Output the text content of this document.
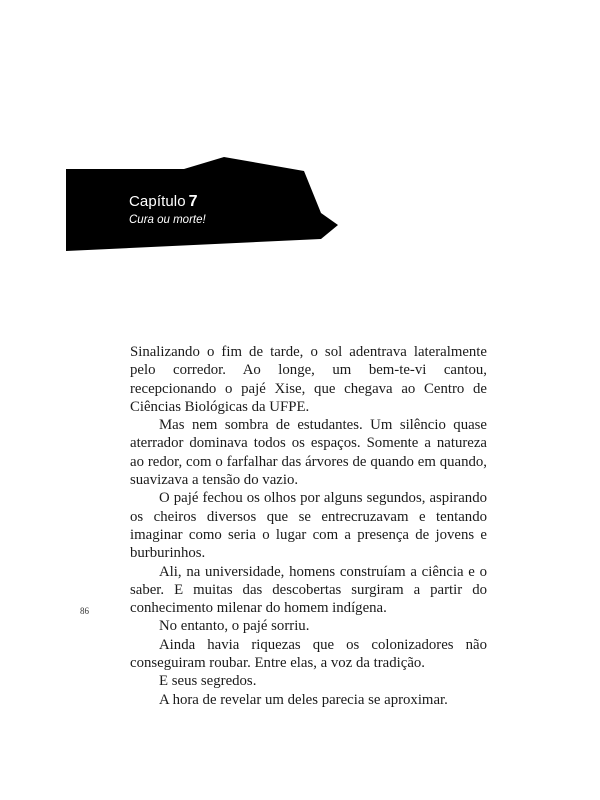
Capítulo 7

Cura ou morte!

Sinalizando o fim de tarde, o sol adentrava lateralmente pelo corredor. Ao longe, um bem-te-vi cantou, recepcionando o pajé Xise, que chegava ao Centro de Ciências Biológicas da UFPE.

Mas nem sombra de estudantes. Um silêncio quase aterrador dominava todos os espaços. Somente a natureza ao redor, com o farfalhar das árvores de quando em quando, suavizava a tensão do vazio.

O pajé fechou os olhos por alguns segundos, aspirando os cheiros diversos que se entrecruzavam e tentando imaginar como seria o lugar com a presença de jovens e burburinhos.

Ali, na universidade, homens construíam a ciência e o saber. E muitas das descobertas surgiram a partir do conhecimento milenar do homem indígena.

No entanto, o pajé sorriu.

Ainda havia riquezas que os colonizadores não conseguiram roubar. Entre elas, a voz da tradição.

E seus segredos.

A hora de revelar um deles parecia se aproximar.

86
